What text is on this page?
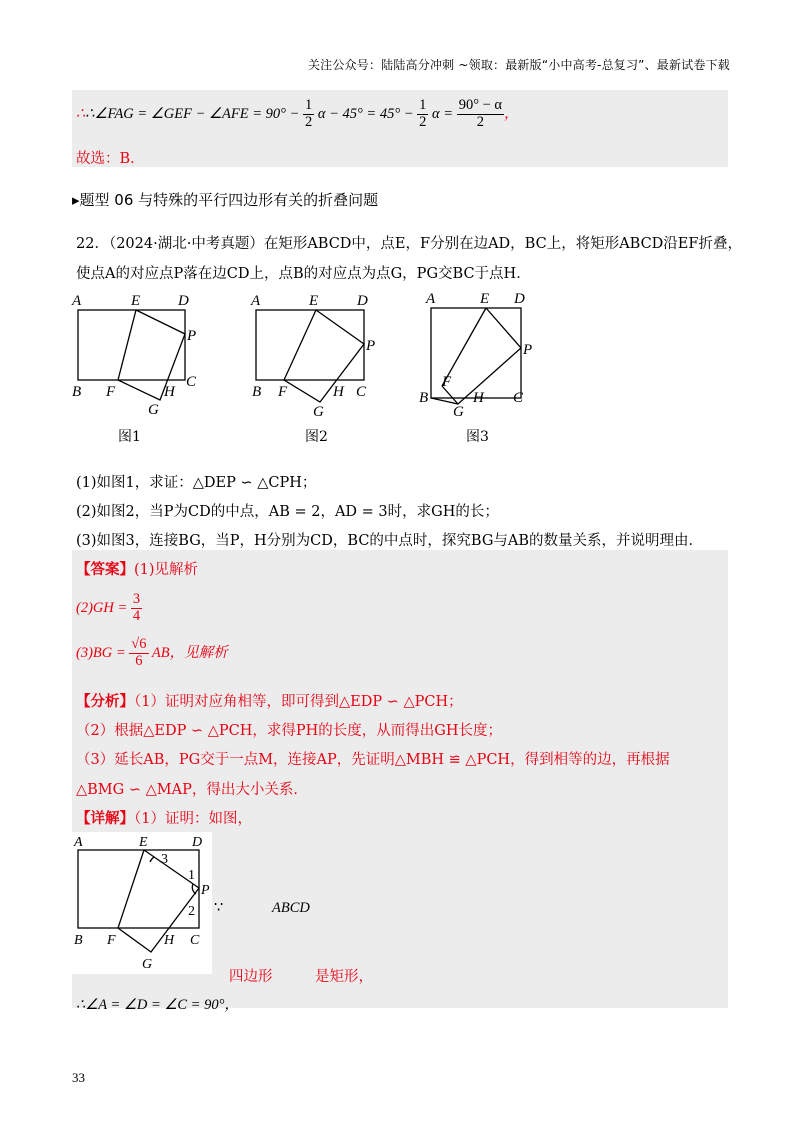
关注公众号：陆陆高分冲刺 ~领取：最新版“小中高考-总复习”、最新试卷下载
∴∴∠FAG = ∠GEF − ∠AFE = $90^\circ - \frac{1}{2}$ $\alpha - 45^\circ = 45^\circ - \frac{1}{2}$ $\alpha = \frac{90^\circ - \alpha}{2}$ ，
故选：B．
▸题型 06 与特殊的平行四边形有关的折叠问题
22．（2024·湖北·中考真题）在矩形ABCD中，点E，F分别在边AD，BC上，将矩形ABCD沿EF折叠，
使点A的对应点P落在边CD上，点B的对应点为点G，PG交BC于点H．
A	E	D
P
C
B F	H
G
A	E	D
P
B F	H C
G
A	E D
P
F
B	H C
G
图1	图2	图3
(1)如图1，求证：△DEP ∽ △CPH；
(2)如图2，当P为CD的中点，AB = 2，AD = 3时，求GH的长；
(3)如图3，连接BG，当P，H分别为CD，BC的中点时，探究BG与AB的数量关系，并说明理由．
【答案】(1)见解析
$(2)GH = \frac{3}{4}$
$(3)BG = \frac{√6}{6}$ AB，见解析
【分析】（1）证明对应角相等，即可得到△EDP ∽ △PCH；
（2）根据△EDP ∽ △PCH，求得PH的长度，从而得出GH长度；
（3）延长AB，PG交于一点M，连接AP，先证明△MBH ≌ △PCH，得到相等的边，再根据
△BMG ∽ △MAP，得出大小关系．
【详解】（1）证明：如图，
A	E	D
P
B F	H C
G
3
1
2 ∵	ABCD
四边形	是矩形，
∴∠A = ∠D = ∠C = 90°，
33
